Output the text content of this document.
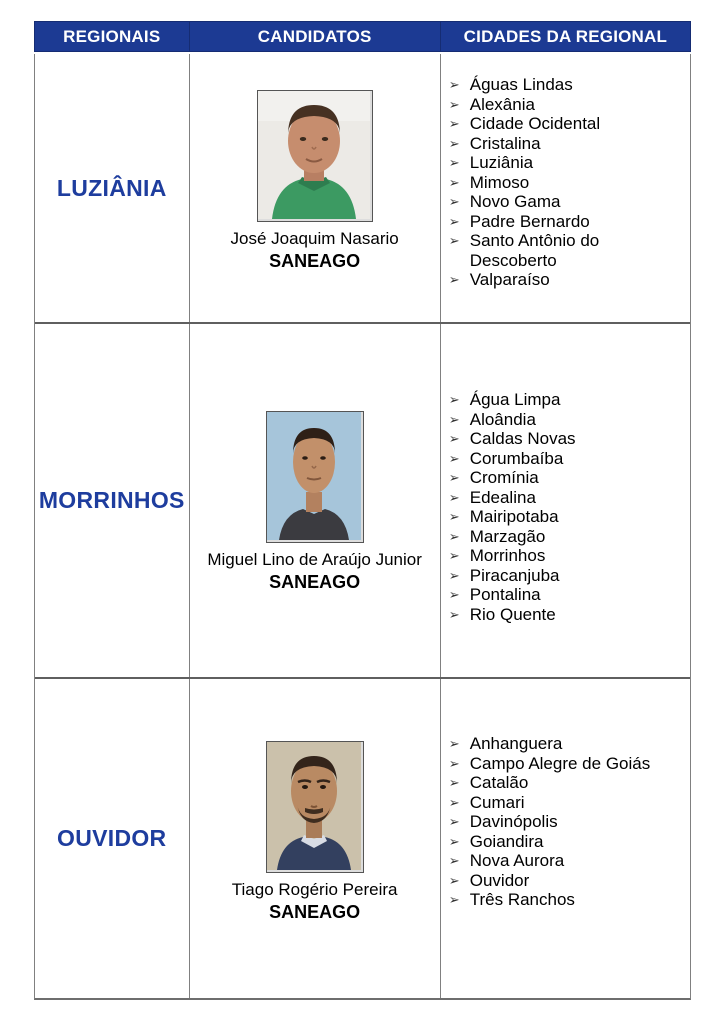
REGIONAIS	CANDIDATOS	CIDADES DA REGIONAL
LUZIÂNIA
José Joaquim Nasario
SANEAGO
➢ Águas Lindas
➢ Alexânia
➢ Cidade Ocidental
➢ Cristalina
➢ Luziânia
➢ Mimoso
➢ Novo Gama
➢ Padre Bernardo
➢ Santo Antônio do Descoberto
➢ Valparaíso
MORRINHOS
Miguel Lino de Araújo Junior
SANEAGO
➢ Água Limpa
➢ Aloândia
➢ Caldas Novas
➢ Corumbaíba
➢ Cromínia
➢ Edealina
➢ Mairipotaba
➢ Marzagão
➢ Morrinhos
➢ Piracanjuba
➢ Pontalina
➢ Rio Quente
OUVIDOR
Tiago Rogério Pereira
SANEAGO
➢ Anhanguera
➢ Campo Alegre de Goiás
➢ Catalão
➢ Cumari
➢ Davinópolis
➢ Goiandira
➢ Nova Aurora
➢ Ouvidor
➢ Três Ranchos
